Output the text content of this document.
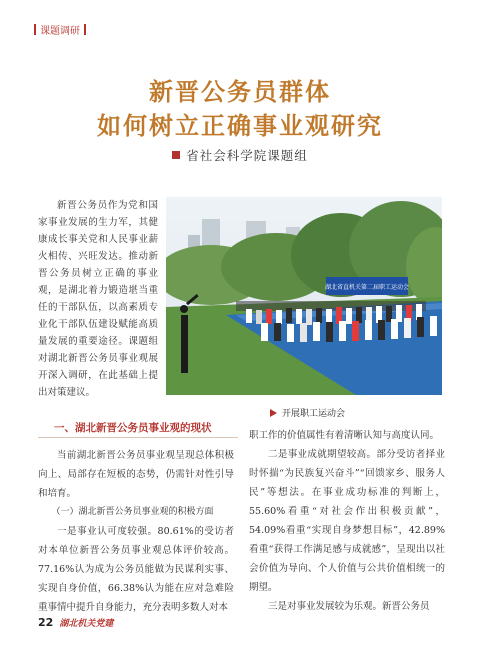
课题调研
新晋公务员群体
如何树立正确事业观研究
省社会科学院课题组

新晋公务员作为党和国家事业发展的生力军，其健康成长事关党和人民事业薪火相传、兴旺发达。推动新晋公务员树立正确的事业观，是湖北着力锻造堪当重任的干部队伍，以高素质专业化干部队伍建设赋能高质量发展的重要途径。课题组对湖北新晋公务员事业观展开深入调研，在此基础上提出对策建议。

湖北省直机关第二届职工运动会
开展职工运动会
一、湖北新晋公务员事业观的现状

当前湖北新晋公务员事业观呈现总体积极向上、局部存在短板的态势，仍需针对性引导和培育。

（一）湖北新晋公务员事业观的积极方面

一是事业认可度较强。80.61%的受访者对本单位新晋公务员事业观总体评价较高。77.16%认为成为公务员能做为民谋利实事、实现自身价值，66.38%认为能在应对急难险重事情中提升自身能力，充分表明多数人对本

职工作的价值属性有着清晰认知与高度认同。

二是事业成就期望较高。部分受访者择业时怀揣“为民族复兴奋斗”“回馈家乡、服务人民”等想法。在事业成功标准的判断上，55.60%看重“对社会作出积极贡献”，54.09%看重“实现自身梦想目标”，42.89%看重“获得工作满足感与成就感”，呈现出以社会价值为导向、个人价值与公共价值相统一的期望。

三是对事业发展较为乐观。新晋公务员

22 湖北机关党建
